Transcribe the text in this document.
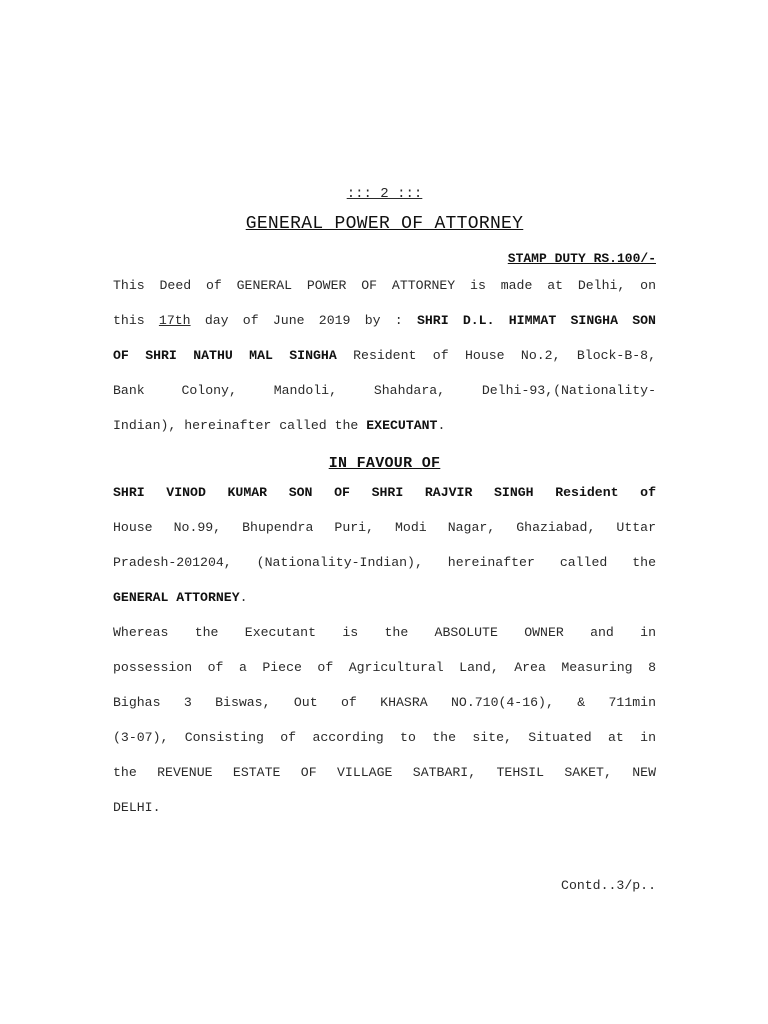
::: 2 :::
GENERAL POWER OF ATTORNEY
STAMP DUTY RS.100/-
This Deed of GENERAL POWER OF ATTORNEY is made at Delhi, on
this 17th day of June 2019 by : SHRI D.L. HIMMAT SINGHA SON
OF SHRI NATHU MAL SINGHA Resident of House No.2, Block-B-8,
Bank Colony, Mandoli, Shahdara, Delhi-93,(Nationality-
Indian), hereinafter called the EXECUTANT.
IN FAVOUR OF
SHRI VINOD KUMAR SON OF SHRI RAJVIR SINGH Resident of
House No.99, Bhupendra Puri, Modi Nagar, Ghaziabad, Uttar
Pradesh-201204, (Nationality-Indian), hereinafter called the
GENERAL ATTORNEY.
Whereas the Executant is the ABSOLUTE OWNER and in
possession of a Piece of Agricultural Land, Area Measuring 8
Bighas 3 Biswas, Out of KHASRA NO.710(4-16), & 711min
(3-07), Consisting of according to the site, Situated at in
the REVENUE ESTATE OF VILLAGE SATBARI, TEHSIL SAKET, NEW
DELHI.
Contd..3/p..
